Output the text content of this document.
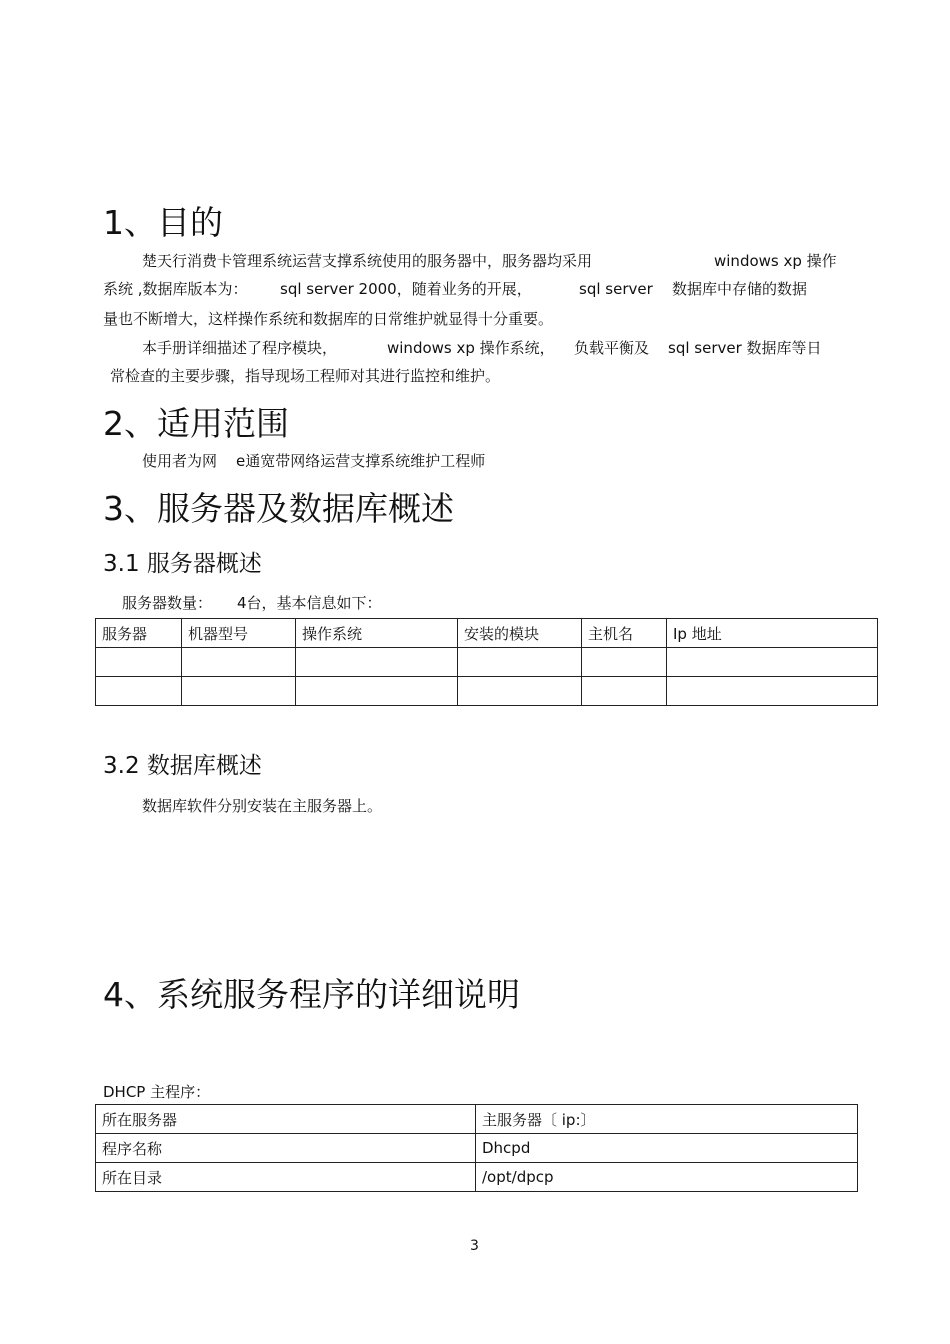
1、目的
楚天行消费卡管理系统运营支撑系统使用的服务器中，服务器均采用	windows xp 操作
系统 ,数据库版本为： sql server 2000，随着业务的开展，	sql server 数据库中存储的数据
量也不断增大，这样操作系统和数据库的日常维护就显得十分重要。
本手册详细描述了程序模块，	windows xp 操作系统， 负载平衡及 sql server 数据库等日
常检查的主要步骤，指导现场工程师对其进行监控和维护。
2、适用范围
使用者为网 e通宽带网络运营支撑系统维护工程师
3、服务器及数据库概述
3.1 服务器概述
服务器数量： 4台，基本信息如下：
服务器	机器型号	操作系统	安装的模块	主机名	Ip 地址

3.2 数据库概述
数据库软件分别安装在主服务器上。
4、系统服务程序的详细说明
DHCP 主程序：
所在服务器	主服务器〔 ip:〕
程序名称	Dhcpd
所在目录	/opt/dpcp
3
